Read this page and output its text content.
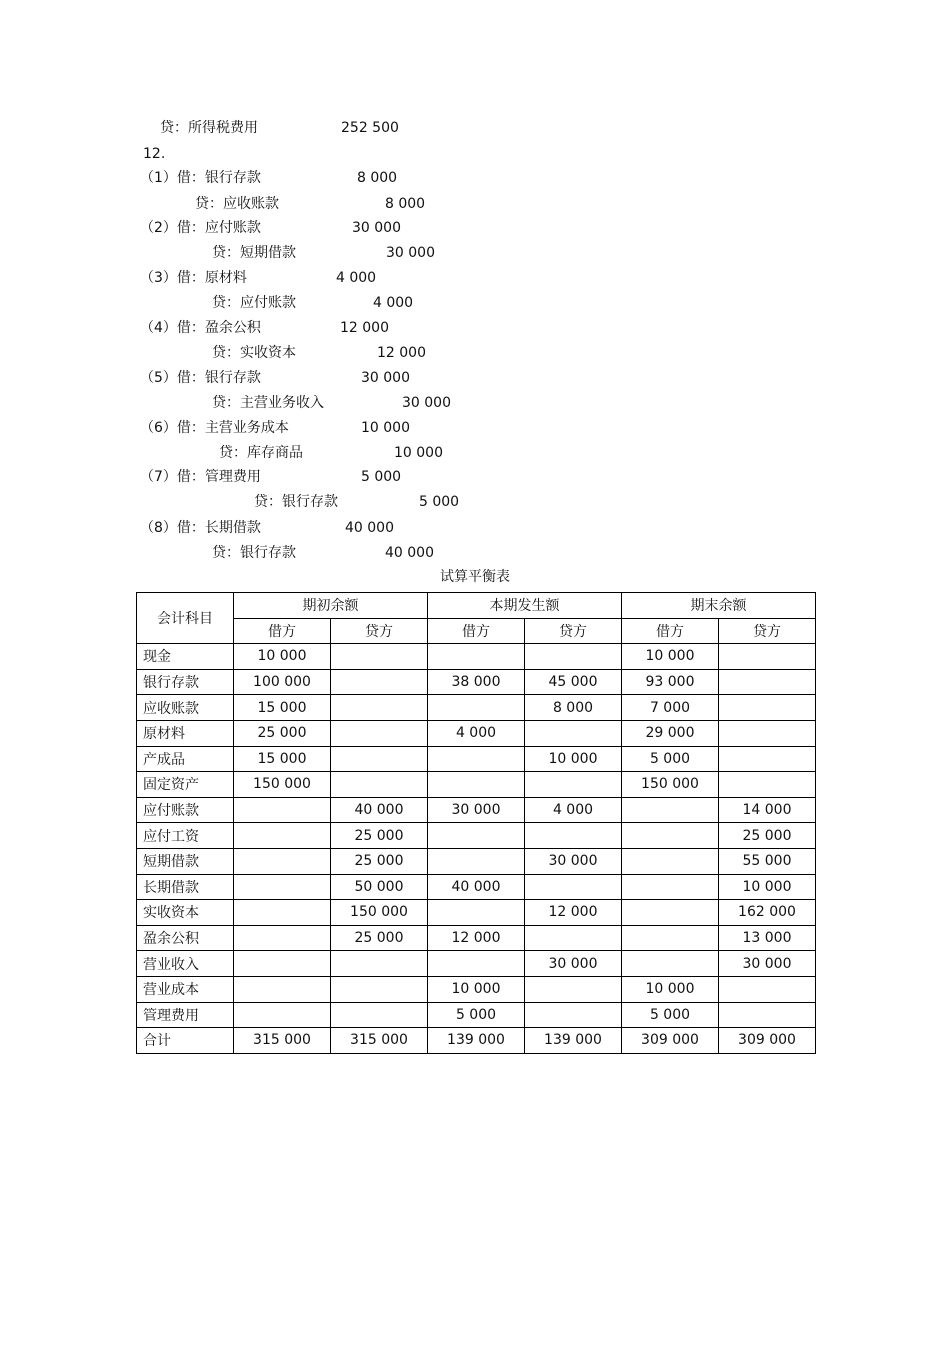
贷：所得税费用	252 500
12.
（1）借：银行存款	8 000
贷：应收账款	8 000
（2）借：应付账款	30 000
贷：短期借款	30 000
（3）借：原材料	4 000
贷：应付账款	4 000
（4）借：盈余公积	12 000
贷：实收资本	12 000
（5）借：银行存款	30 000
贷：主营业务收入	30 000
（6）借：主营业务成本	10 000
贷：库存商品	10 000
（7）借：管理费用	5 000
贷：银行存款	5 000
（8）借：长期借款	40 000
贷：银行存款	40 000
试算平衡表
会计科目	期初余额		本期发生额		期末余额	
	借方	贷方	借方	贷方	借方	贷方
现金	10 000				10 000	
银行存款	100 000		38 000	45 000	93 000	
应收账款	15 000			8 000	7 000	
原材料	25 000		4 000		29 000	
产成品	15 000			10 000	5 000	
固定资产	150 000				150 000	
应付账款		40 000	30 000	4 000		14 000
应付工资		25 000				25 000
短期借款		25 000		30 000		55 000
长期借款		50 000	40 000			10 000
实收资本		150 000		12 000		162 000
盈余公积		25 000	12 000			13 000
营业收入				30 000		30 000
营业成本			10 000		10 000	
管理费用			5 000		5 000	
合计	315 000	315 000	139 000	139 000	309 000	309 000
